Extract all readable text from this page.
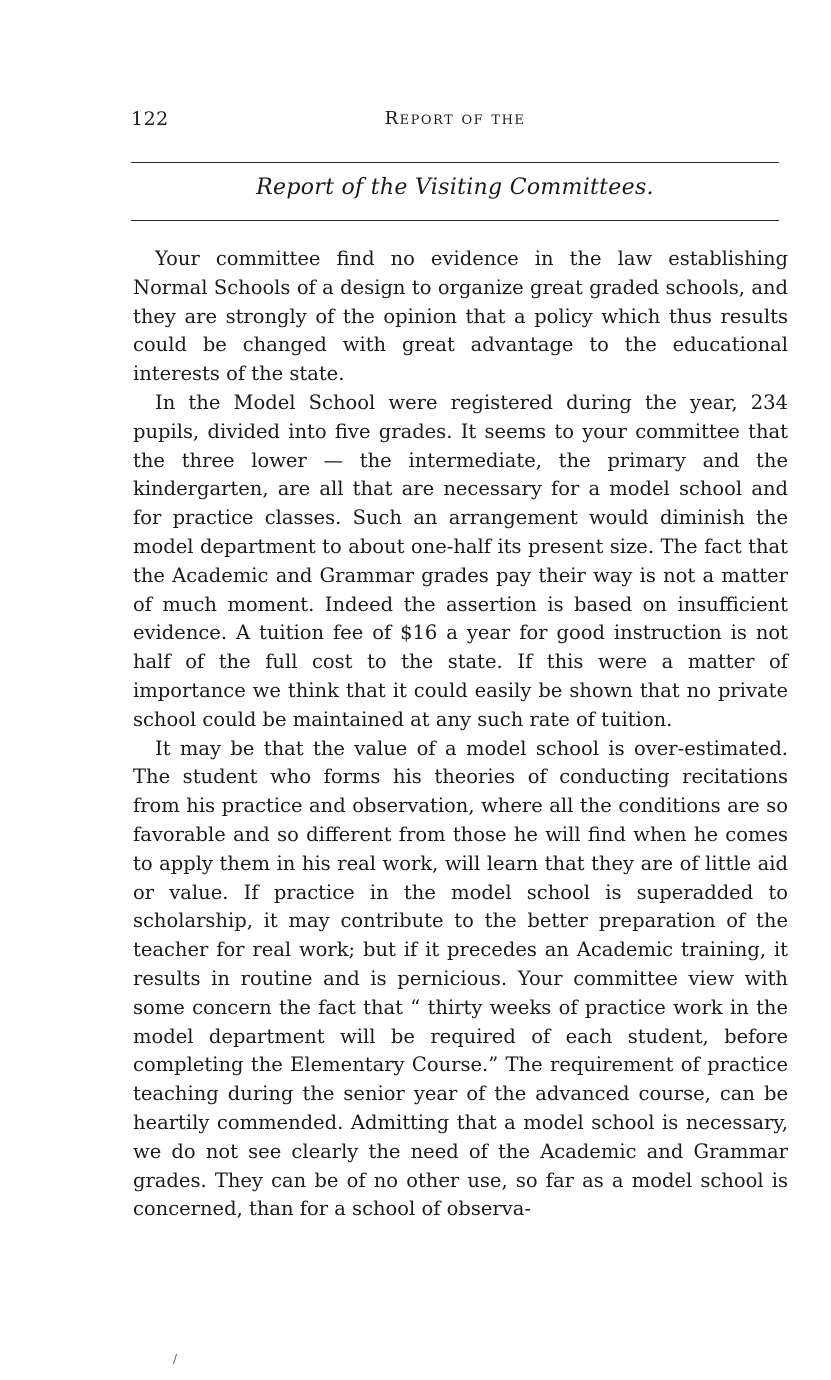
122	Report of the
Report of the Visiting Committees.

Your committee find no evidence in the law establishing Normal Schools of a design to organize great graded schools, and they are strongly of the opinion that a policy which thus results could be changed with great advantage to the educational interests of the state.

In the Model School were registered during the year, 234 pupils, divided into five grades. It seems to your committee that the three lower — the intermediate, the primary and the kindergarten, are all that are necessary for a model school and for practice classes. Such an arrangement would diminish the model department to about one-half its present size. The fact that the Academic and Grammar grades pay their way is not a matter of much moment. Indeed the assertion is based on insufficient evidence. A tuition fee of $16 a year for good instruction is not half of the full cost to the state. If this were a matter of importance we think that it could easily be shown that no private school could be maintained at any such rate of tuition.

It may be that the value of a model school is over-estimated. The student who forms his theories of conducting recitations from his practice and observation, where all the conditions are so favorable and so different from those he will find when he comes to apply them in his real work, will learn that they are of little aid or value. If practice in the model school is superadded to scholarship, it may contribute to the better preparation of the teacher for real work; but if it precedes an Academic training, it results in routine and is pernicious. Your committee view with some concern the fact that “ thirty weeks of practice work in the model department will be required of each student, before completing the Elementary Course.” The requirement of practice teaching during the senior year of the advanced course, can be heartily commended. Admitting that a model school is necessary, we do not see clearly the need of the Academic and Grammar grades. They can be of no other use, so far as a model school is concerned, than for a school of observa-

/
